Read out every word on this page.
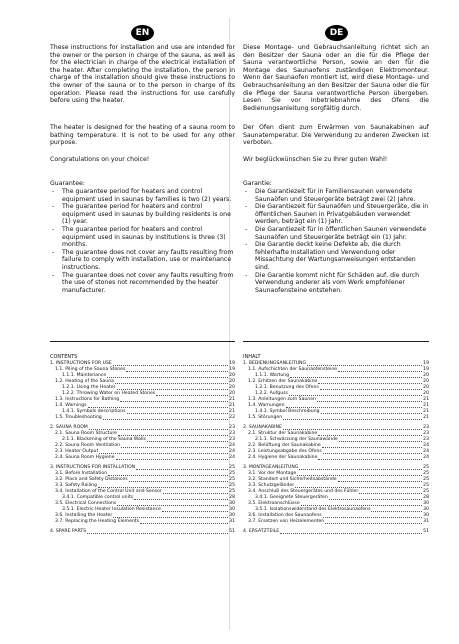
EN

These instructions for installation and use are intended for the owner or the person in charge of the sauna, as well as for the electrician in charge of the electrical installation of the heater. After completing the installation, the person in charge of the installation should give these instructions to the owner of the sauna or to the person in charge of its operation. Please read the instructions for use carefully before using the heater.

The heater is designed for the heating of a sauna room to bathing temperature. It is not to be used for any other purpose.

Congratulations on your choice!

Guarantee:

- The guarantee period for heaters and control equipment used in saunas by families is two (2) years.
- The guarantee period for heaters and control equipment used in saunas by building residents is one (1) year.
- The guarantee period for heaters and control equipment used in saunas by institutions is three (3) months.
- The guarantee does not cover any faults resulting from failure to comply with installation, use or maintenance instructions.
- The guarantee does not cover any faults resulting from the use of stones not recommended by the heater manufacturer.

CONTENTS

1. INSTRUCTIONS FOR USE	19
1.1. Piling of the Sauna Stones	19
1.1.1. Maintenance	20
1.2. Heating of the Sauna	20
1.2.1. Using the Heater	20
1.2.2. Throwing Water on Heated Stones	20
1.3. Instructions for Bathing	21
1.4. Warnings	21
1.4.1. Symbols descriptions	21
1.5. Troubleshooting	22
2. SAUNA ROOM	23
2.1. Sauna Room Structure	23
2.1.1. Blackening of the Sauna Walls	23
2.2. Sauna Room Ventilation	24
2.3. Heater Output	24
2.4. Sauna Room Hygiene	24
3. INSTRUCTIONS FOR INSTALLATION	25
3.1. Before Installation	25
3.2. Place and Safety Distances	25
3.3. Safety Railing	25
3.4. Installation of the Control Unit and Sensor	25
3.4.1. Compatible control units	28
3.5. Electrical Connections	30
3.5.1. Electric Heater Insulation Resistance	30
3.6. Installing the Heater	30
3.7. Replacing the Heating Elements	31
4. SPARE PARTS	51
DE

Diese Montage- und Gebrauchsanleitung richtet sich an den Besitzer der Sauna oder an die für die Pflege der Sauna verantwortliche Person, sowie an den für die Montage des Saunaofens zuständigen Elektromonteur. Wenn der Saunaofen montiert ist, wird diese Montage- und Gebrauchsanleitung an den Besitzer der Sauna oder die für die Pflege der Sauna verantwortliche Person übergeben. Lesen Sie vor Inbetriebnahme des Ofens die Bedienungsanleitung sorgfältig durch.

Der Ofen dient zum Erwärmen von Saunakabinen auf Saunatemperatur. Die Verwendung zu anderen Zwecken ist verboten.

Wir beglückwünschen Sie zu Ihrer guten Wahl!

Garantie:

- Die Garantiezeit für in Familiensaunen verwendete Saunaöfen und Steuergeräte beträgt zwei (2) Jahre.
- Die Garantiezeit für Saunaöfen und Steuergeräte, die in öffentlichen Saunen in Privatgebäuden verwendet werden, beträgt ein (1) Jahr.
- Die Garantiezeit für in öffentlichen Saunen verwendete Saunaöfen und Steuergeräte beträgt ein (1) Jahr.
- Die Garantie deckt keine Defekte ab, die durch fehlerhafte Installation und Verwendung oder Missachtung der Wartungsanweisungen entstanden sind.
- Die Garantie kommt nicht für Schäden auf, die durch Verwendung anderer als vom Werk empfohlener Saunaofensteine entstehen.

INHALT

1. BEDIENUNGSANLEITUNG	19
1.1. Aufschichten der Saunaofensteine	19
1.1.1. Wartung	20
1.2. Erhitzen der Saunakabine	20
1.2.1. Benutzung des Ofens	20
1.2.2. Aufguss	20
1.3. Anleitungen zum Saunen	21
1.4. Warnungen	21
1.4.1. Symbol Beschreibung	21
1.5. Störungen	21
2. SAUNAKABINE	23
2.1. Struktur der Saunakabine	23
2.1.1. Schwärzung der Saunawände	23
2.2. Belüftung der Saunakabine	24
2.3. Leistungsabgabe des Ofens	24
2.4. Hygiene der Saunakabine	24
3. MONTAGEANLEITUNG	25
3.1. Vor der Montage	25
3.2. Standort und Sicherheitsabstände	25
3.3. Schutzgeländer	25
3.4. Anschluß des Steuergerätes und des Fühler	25
3.4.1. Geeignete Steuergeräten	28
3.5. Elektroanschlüsse	30
3.5.1. Isolationswiderstand des Elektrosaunaofens	30
3.6. Installation des Saunaofens	30
3.7. Ersetzen von Heizelementen	31
4. ERSATZTEILE	51
